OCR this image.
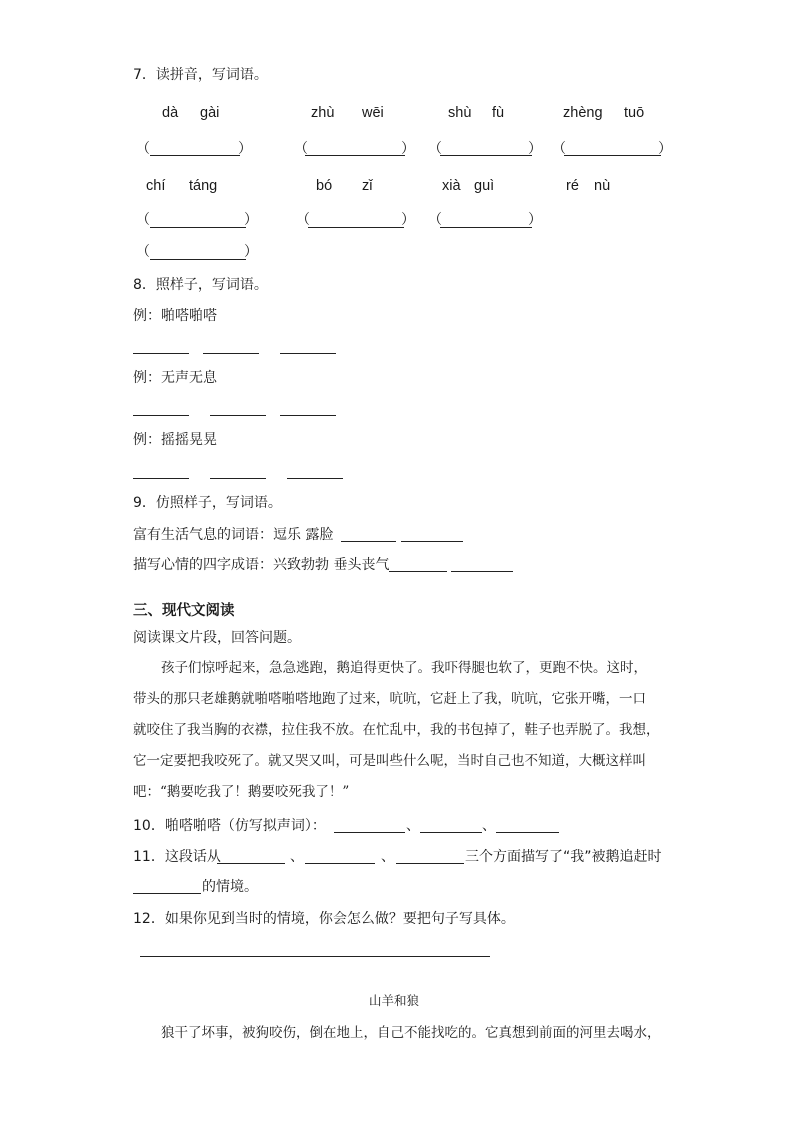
7．读拼音，写词语。
dà gài	zhù wēi	shù fù	zhèng tuō
（	）	（	） （	） （	）
chí táng	bó zǐ	xià guì	ré nù
（	）	（	） （	）
（	）
8．照样子，写词语。
例：啪嗒啪嗒
例：无声无息
例：摇摇晃晃
9．仿照样子，写词语。
富有生活气息的词语：逗乐 露脸
描写心情的四字成语：兴致勃勃 垂头丧气
三、现代文阅读
阅读课文片段，回答问题。
孩子们惊呼起来，急急逃跑，鹅追得更快了。我吓得腿也软了，更跑不快。这时，
带头的那只老雄鹅就啪嗒啪嗒地跑了过来，吭吭，它赶上了我，吭吭，它张开嘴，一口
就咬住了我当胸的衣襟，拉住我不放。在忙乱中，我的书包掉了，鞋子也弄脱了。我想，
它一定要把我咬死了。就又哭又叫，可是叫些什么呢，当时自己也不知道，大概这样叫
吧：“鹅要吃我了！鹅要咬死我了！”
10．啪嗒啪嗒（仿写拟声词）：	、	、
11．这段话从	、	、	三个方面描写了“我”被鹅追赶时
的情境。
12．如果你见到当时的情境，你会怎么做？要把句子写具体。
山羊和狼
狼干了坏事，被狗咬伤，倒在地上，自己不能找吃的。它真想到前面的河里去喝水，
